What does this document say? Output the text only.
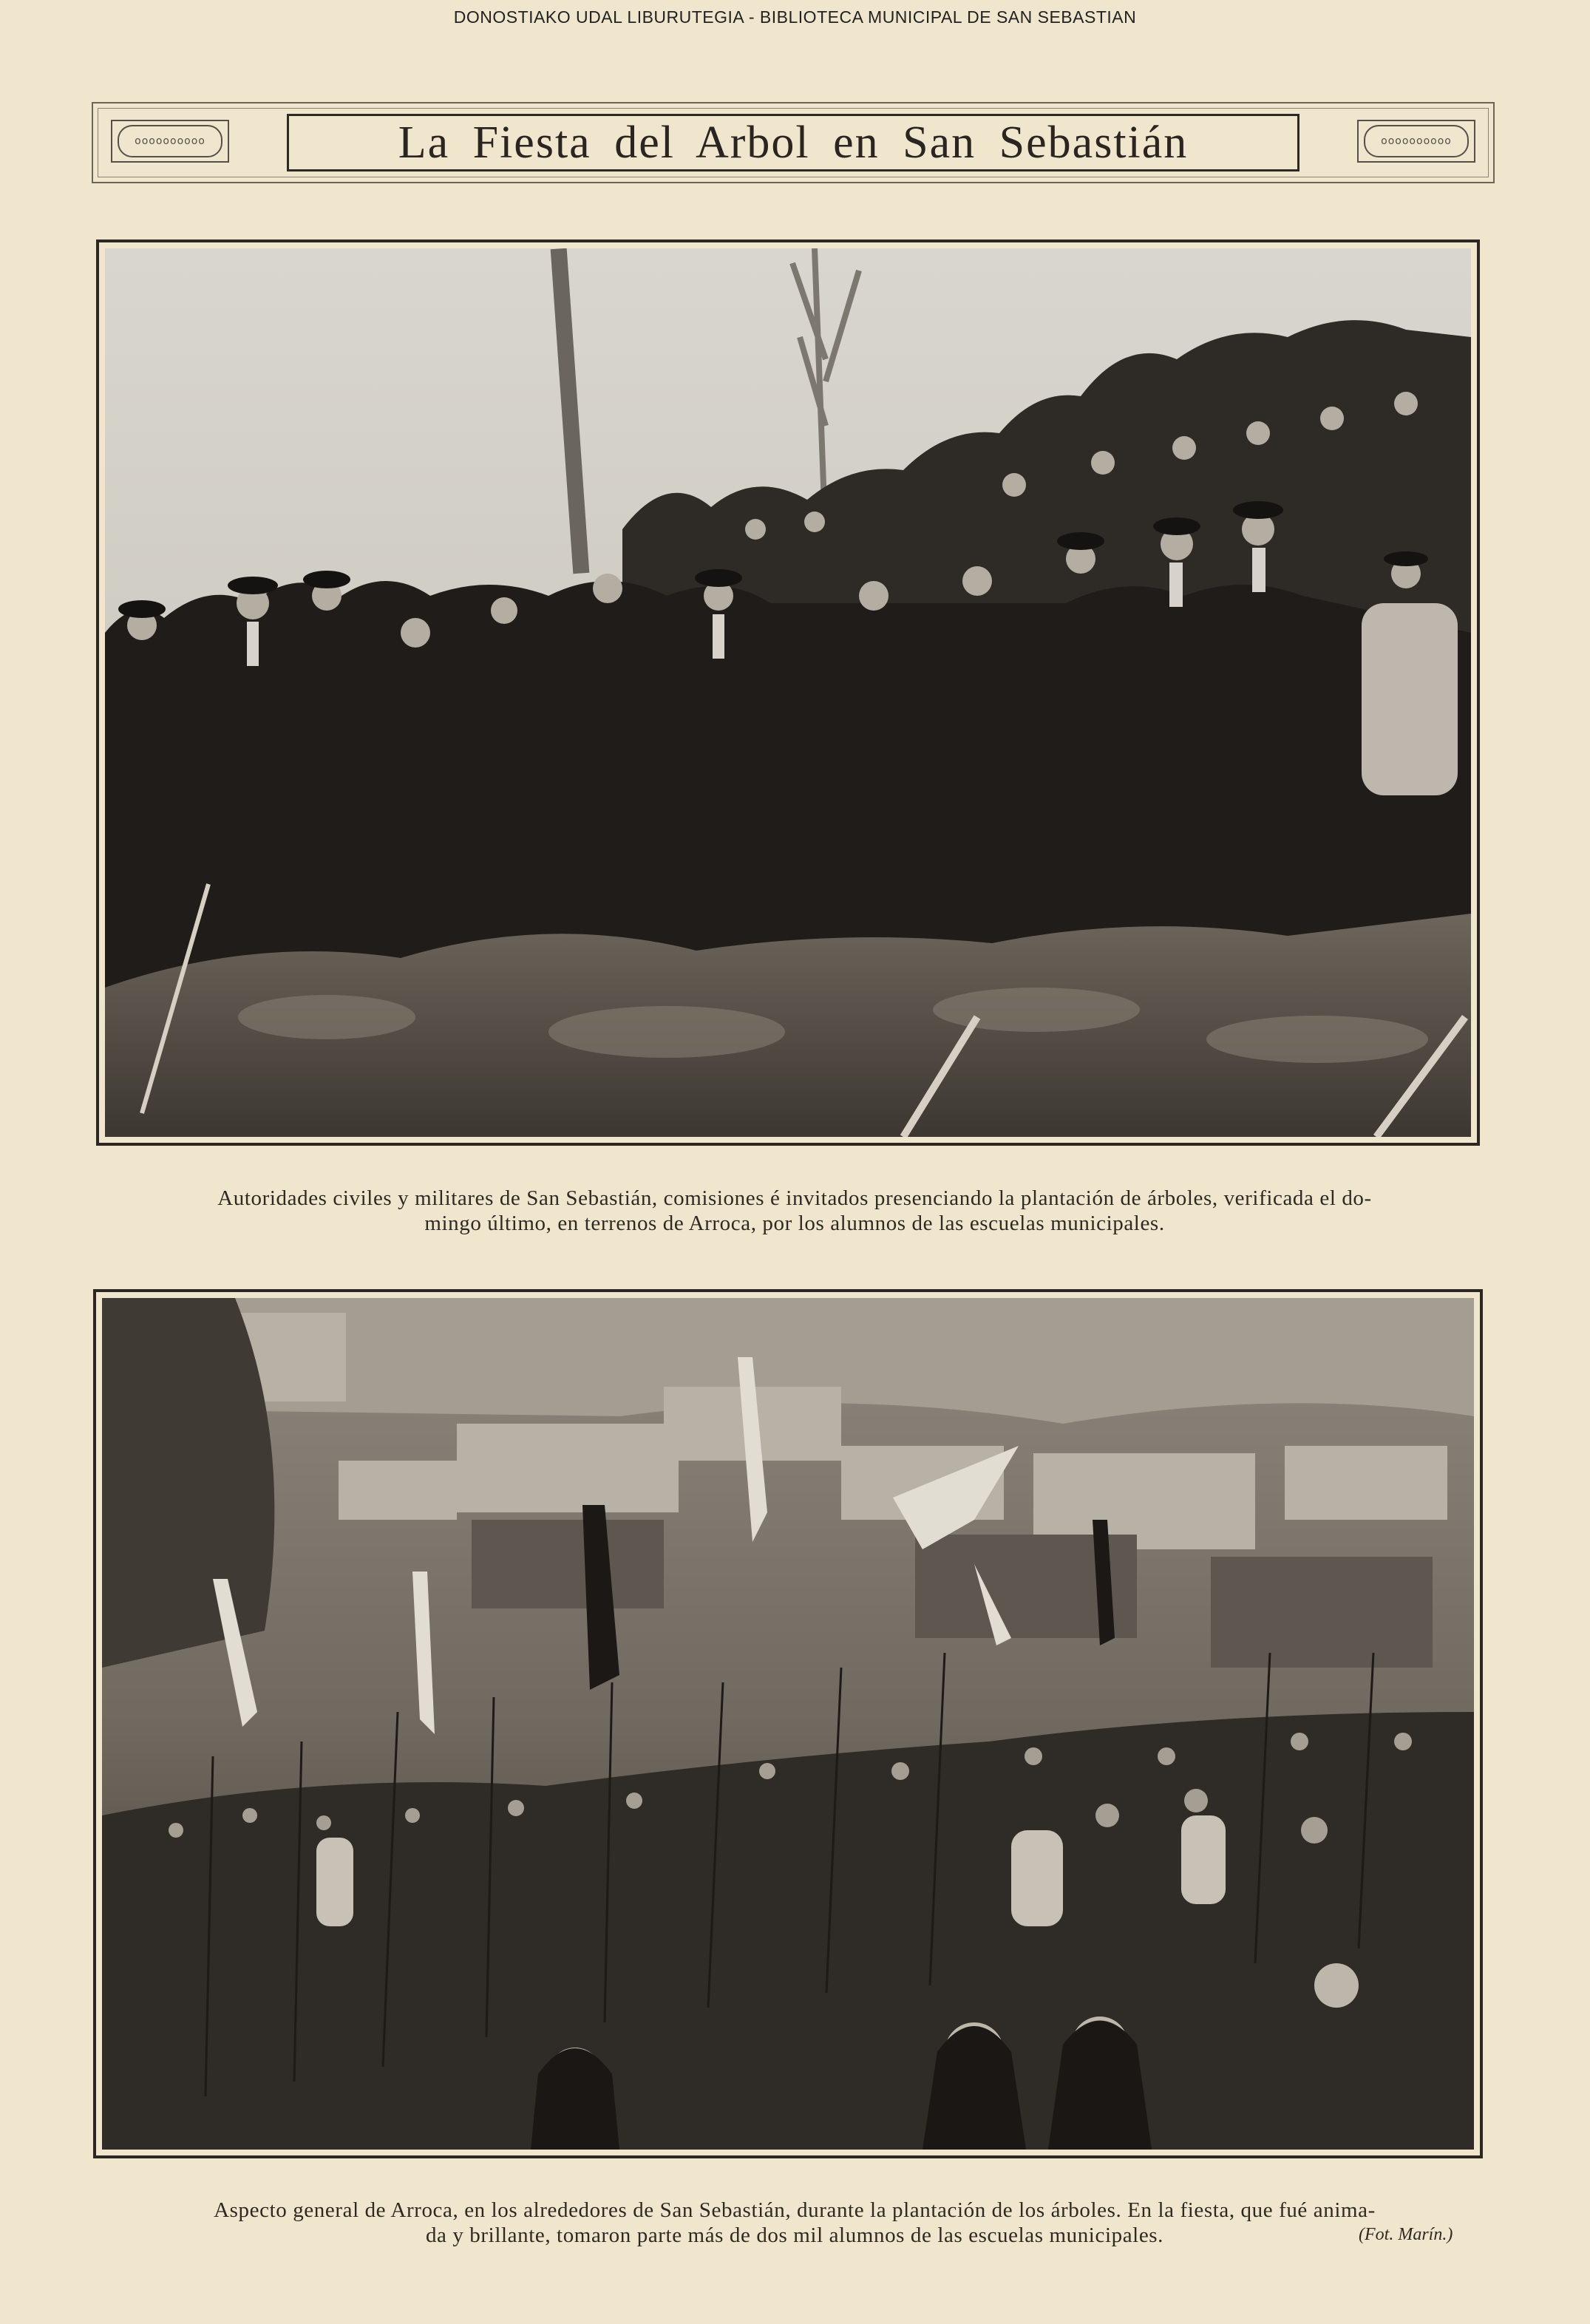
DONOSTIAKO UDAL LIBURUTEGIA - BIBLIOTECA MUNICIPAL DE SAN SEBASTIAN
oooooooooo	La Fiesta del Arbol en San Sebastián	oooooooooo
Autoridades civiles y militares de San Sebastián, comisiones é invitados presenciando la plantación de árboles, verificada el do-
mingo último, en terrenos de Arroca, por los alumnos de las escuelas municipales.
Aspecto general de Arroca, en los alrededores de San Sebastián, durante la plantación de los árboles. En la fiesta, que fué anima-
da y brillante, tomaron parte más de dos mil alumnos de las escuelas municipales.	(Fot. Marín.)
